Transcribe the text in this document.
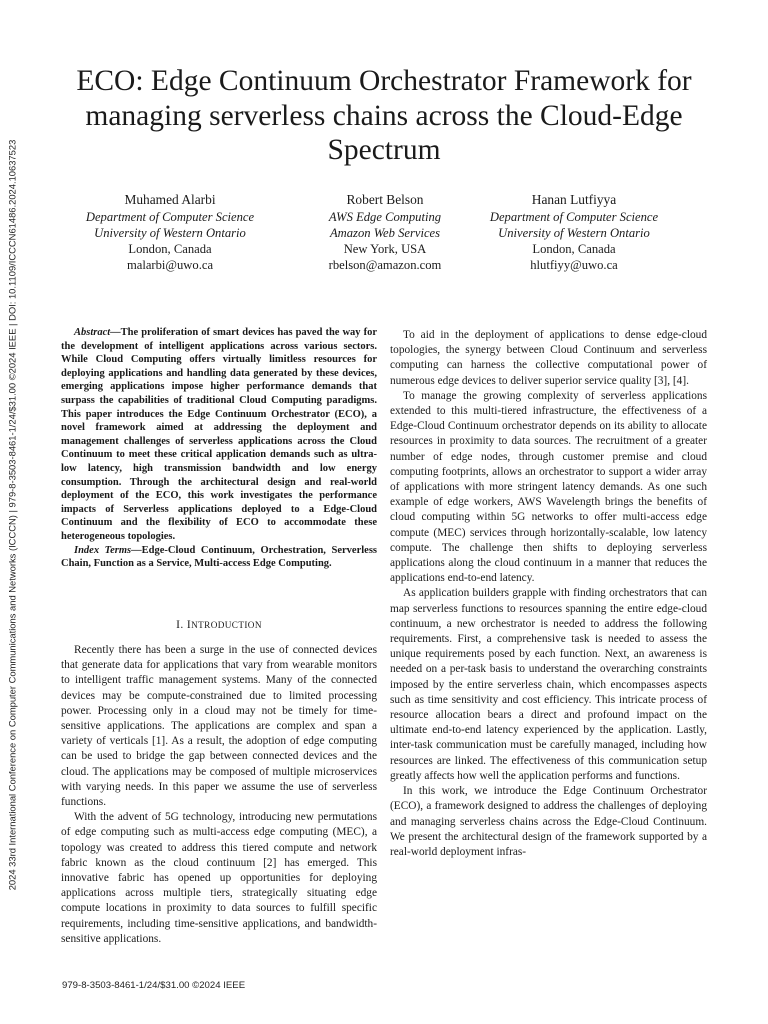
2024 33rd International Conference on Computer Communications and Networks (ICCCN) | 979-8-3503-8461-1/24/$31.00 ©2024 IEEE | DOI: 10.1109/ICCCN61486.2024.10637523
ECO: Edge Continuum Orchestrator Framework for managing serverless chains across the Cloud-Edge Spectrum
Muhamed Alarbi
Department of Computer Science
University of Western Ontario
London, Canada
malarbi@uwo.ca
Robert Belson
AWS Edge Computing
Amazon Web Services
New York, USA
rbelson@amazon.com
Hanan Lutfiyya
Department of Computer Science
University of Western Ontario
London, Canada
hlutfiyy@uwo.ca

Abstract—The proliferation of smart devices has paved the way for the development of intelligent applications across various sectors. While Cloud Computing offers virtually limitless resources for deploying applications and handling data generated by these devices, emerging applications impose higher performance demands that surpass the capabilities of traditional Cloud Computing paradigms. This paper introduces the Edge Continuum Orchestrator (ECO), a novel framework aimed at addressing the deployment and management challenges of serverless applications across the Cloud Continuum to meet these critical application demands such as ultra-low latency, high transmission bandwidth and low energy consumption. Through the architectural design and real-world deployment of the ECO, this work investigates the performance impacts of Serverless applications deployed to a Edge-Cloud Continuum and the flexibility of ECO to accommodate these heterogeneous topologies.

Index Terms—Edge-Cloud Continuum, Orchestration, Serverless Chain, Function as a Service, Multi-access Edge Computing.

I. INTRODUCTION

Recently there has been a surge in the use of connected devices that generate data for applications that vary from wearable monitors to intelligent traffic management systems. Many of the connected devices may be compute-constrained due to limited processing power. Processing only in a cloud may not be timely for time-sensitive applications. The applications are complex and span a variety of verticals [1]. As a result, the adoption of edge computing can be used to bridge the gap between connected devices and the cloud. The applications may be composed of multiple microservices with varying needs. In this paper we assume the use of serverless functions.

With the advent of 5G technology, introducing new permutations of edge computing such as multi-access edge computing (MEC), a topology was created to address this tiered compute and network fabric known as the cloud continuum [2] has emerged. This innovative fabric has opened up opportunities for deploying applications across multiple tiers, strategically situating edge compute locations in proximity to data sources to fulfill specific requirements, including time-sensitive applications, and bandwidth-sensitive applications.

To aid in the deployment of applications to dense edge-cloud topologies, the synergy between Cloud Continuum and serverless computing can harness the collective computational power of numerous edge devices to deliver superior service quality [3], [4].

To manage the growing complexity of serverless applications extended to this multi-tiered infrastructure, the effectiveness of a Edge-Cloud Continuum orchestrator depends on its ability to allocate resources in proximity to data sources. The recruitment of a greater number of edge nodes, through customer premise and cloud computing footprints, allows an orchestrator to support a wider array of applications with more stringent latency demands. As one such example of edge workers, AWS Wavelength brings the benefits of cloud computing within 5G networks to offer multi-access edge compute (MEC) services through horizontally-scalable, low latency compute. The challenge then shifts to deploying serverless applications along the cloud continuum in a manner that reduces the applications end-to-end latency.

As application builders grapple with finding orchestrators that can map serverless functions to resources spanning the entire edge-cloud continuum, a new orchestrator is needed to address the following requirements. First, a comprehensive task is needed to assess the unique requirements posed by each function. Next, an awareness is needed on a per-task basis to understand the overarching constraints imposed by the entire serverless chain, which encompasses aspects such as time sensitivity and cost efficiency. This intricate process of resource allocation bears a direct and profound impact on the ultimate end-to-end latency experienced by the application. Lastly, inter-task communication must be carefully managed, including how resources are linked. The effectiveness of this communication setup greatly affects how well the application performs and functions.

In this work, we introduce the Edge Continuum Orchestrator (ECO), a framework designed to address the challenges of deploying and managing serverless chains across the Edge-Cloud Continuum. We present the architectural design of the framework supported by a real-world deployment infras-

979-8-3503-8461-1/24/$31.00 ©2024 IEEE
